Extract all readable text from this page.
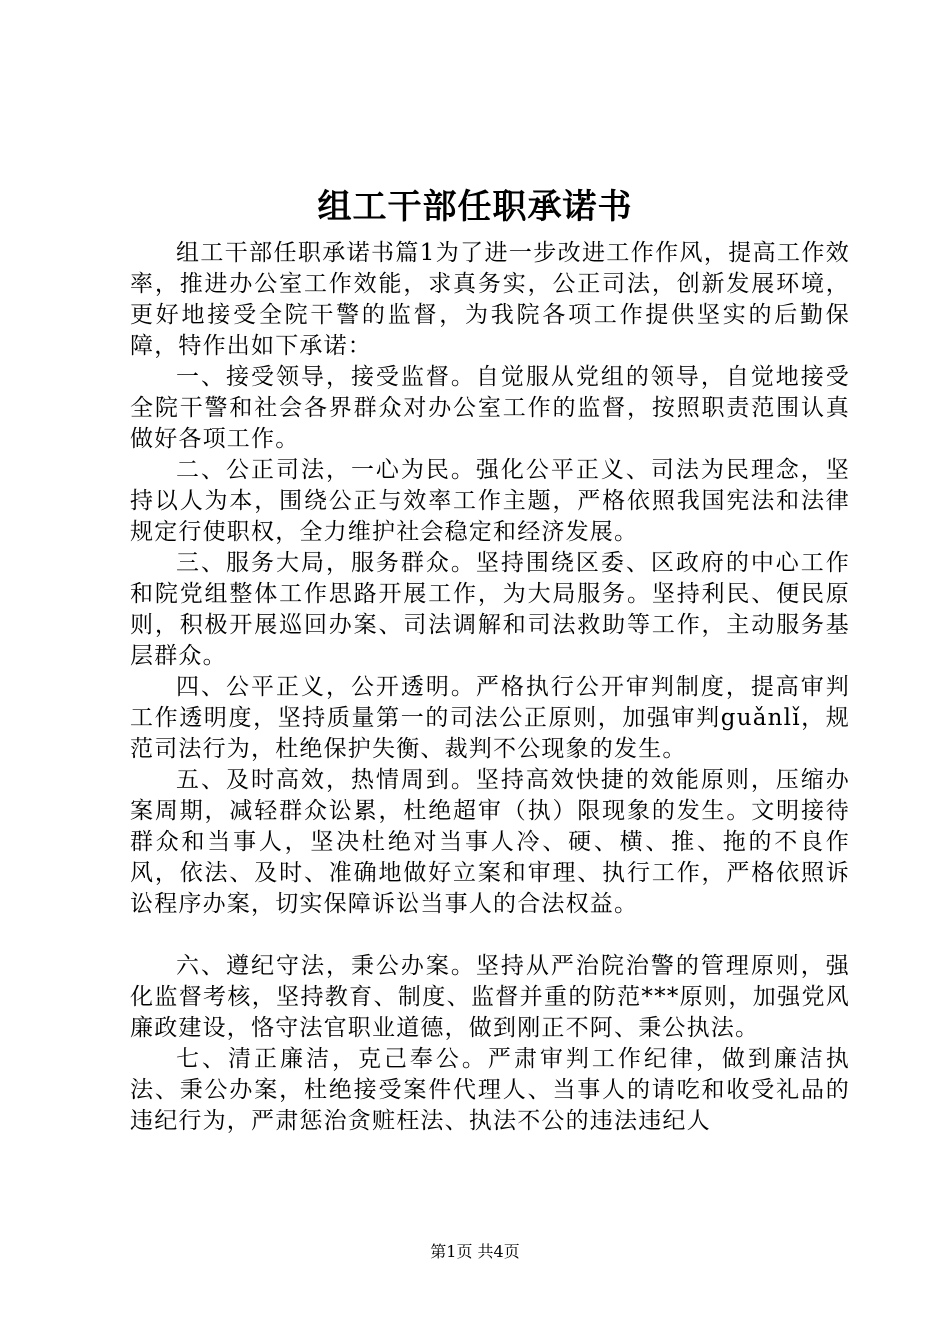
组工干部任职承诺书

组工干部任职承诺书篇1为了进一步改进工作作风，提高工作效率，推进办公室工作效能，求真务实，公正司法，创新发展环境，更好地接受全院干警的监督，为我院各项工作提供坚实的后勤保障，特作出如下承诺：

一、接受领导，接受监督。自觉服从党组的领导，自觉地接受全院干警和社会各界群众对办公室工作的监督，按照职责范围认真做好各项工作。

二、公正司法，一心为民。强化公平正义、司法为民理念，坚持以人为本，围绕公正与效率工作主题，严格依照我国宪法和法律规定行使职权，全力维护社会稳定和经济发展。

三、服务大局，服务群众。坚持围绕区委、区政府的中心工作和院党组整体工作思路开展工作，为大局服务。坚持利民、便民原则，积极开展巡回办案、司法调解和司法救助等工作，主动服务基层群众。

四、公平正义，公开透明。严格执行公开审判制度，提高审判工作透明度，坚持质量第一的司法公正原则，加强审判guǎnlǐ，规范司法行为，杜绝保护失衡、裁判不公现象的发生。

五、及时高效，热情周到。坚持高效快捷的效能原则，压缩办案周期，减轻群众讼累，杜绝超审（执）限现象的发生。文明接待群众和当事人，坚决杜绝对当事人冷、硬、横、推、拖的不良作风，依法、及时、准确地做好立案和审理、执行工作，严格依照诉讼程序办案，切实保障诉讼当事人的合法权益。

六、遵纪守法，秉公办案。坚持从严治院治警的管理原则，强化监督考核，坚持教育、制度、监督并重的防范***原则，加强党风廉政建设，恪守法官职业道德，做到刚正不阿、秉公执法。

七、清正廉洁，克己奉公。严肃审判工作纪律，做到廉洁执法、秉公办案，杜绝接受案件代理人、当事人的请吃和收受礼品的违纪行为，严肃惩治贪赃枉法、执法不公的违法违纪人

第1页 共4页
